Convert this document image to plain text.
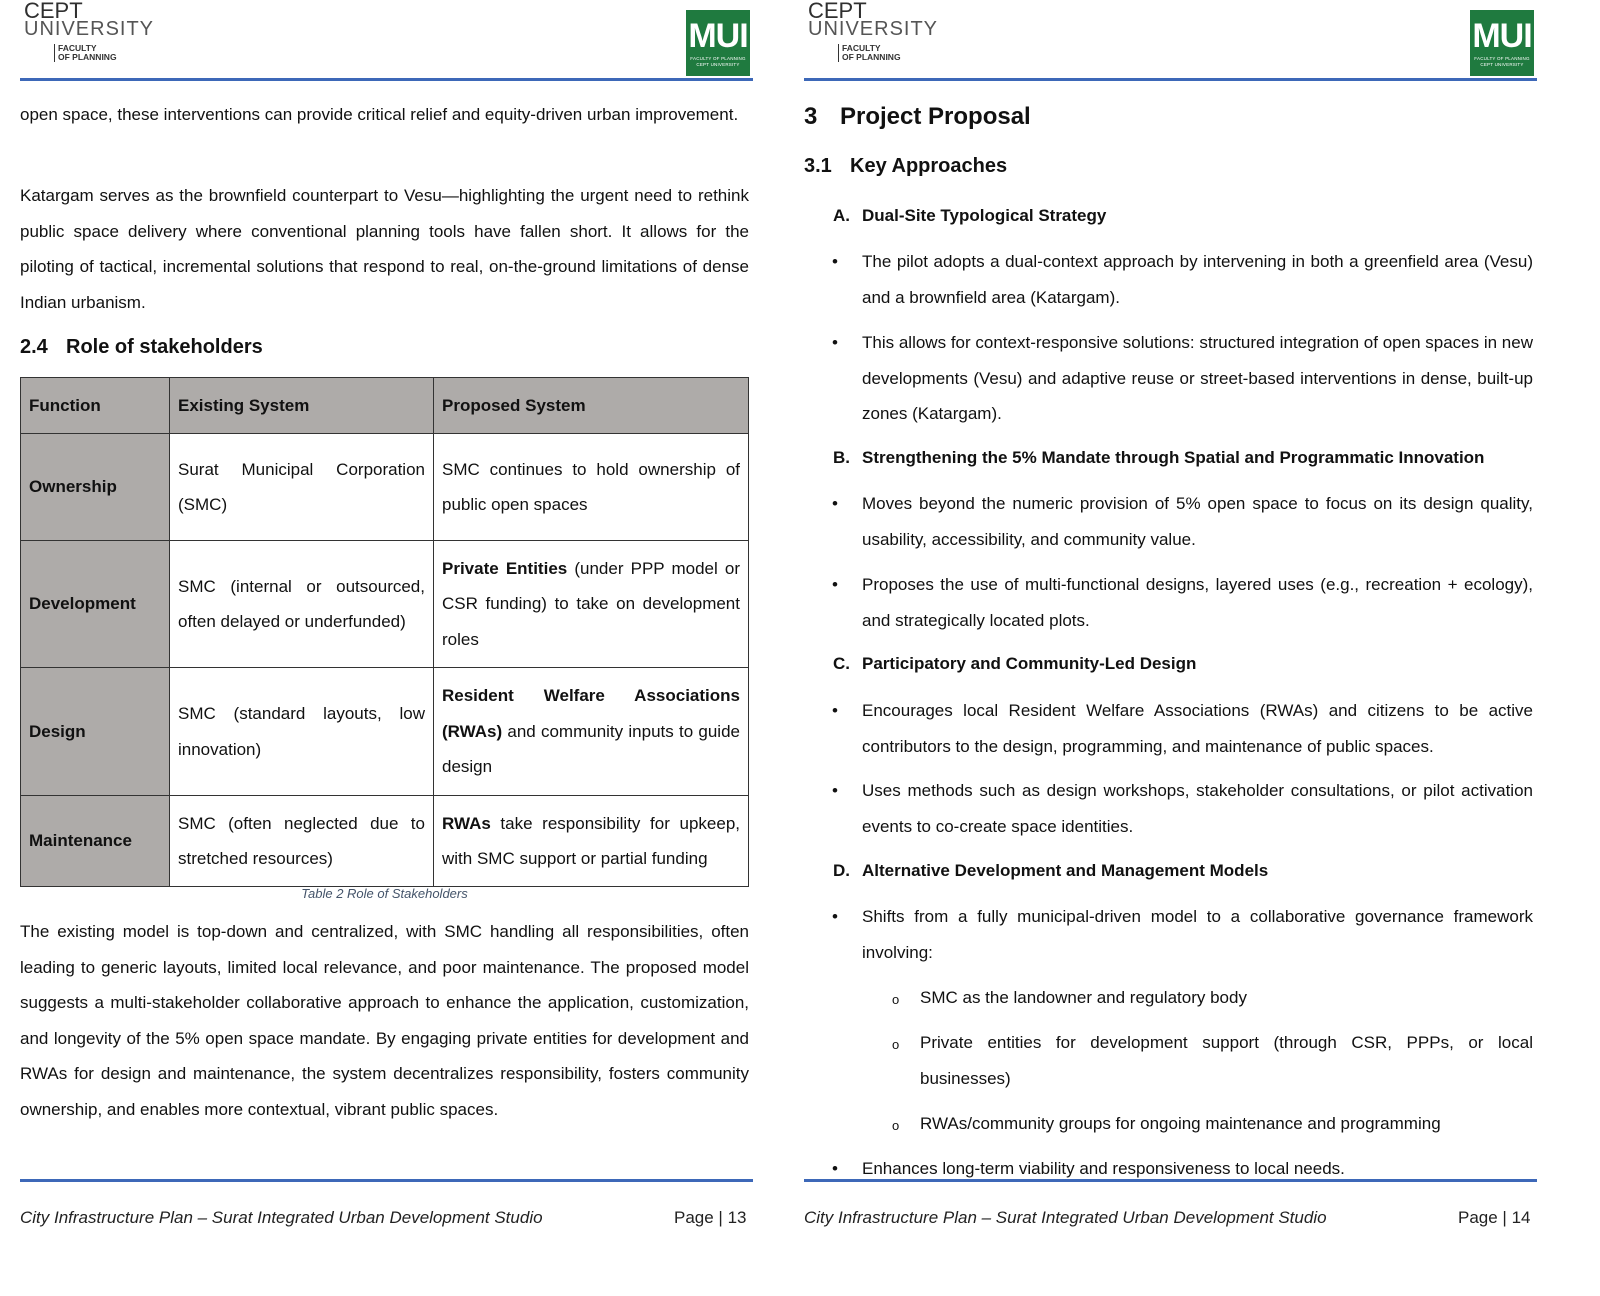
CEPT
UNIVERSITY
FACULTY
OF PLANNING
MUI
FACULTY OF PLANNING
CEPT UNIVERSITY
open space, these interventions can provide critical relief and equity-driven urban improvement.
Katargam serves as the brownfield counterpart to Vesu—highlighting the urgent need to rethink public space delivery where conventional planning tools have fallen short. It allows for the piloting of tactical, incremental solutions that respond to real, on-the-ground limitations of dense Indian urbanism.
2.4 Role of stakeholders
Function	Existing System	Proposed System
Ownership	Surat Municipal Corporation (SMC)	SMC continues to hold ownership of public open spaces
Development	SMC (internal or outsourced, often delayed or underfunded)	Private Entities (under PPP model or CSR funding) to take on development roles
Design	SMC (standard layouts, low innovation)	Resident Welfare Associations (RWAs) and community inputs to guide design
Maintenance	SMC (often neglected due to stretched resources)	RWAs take responsibility for upkeep, with SMC support or partial funding
Table 2 Role of Stakeholders
The existing model is top-down and centralized, with SMC handling all responsibilities, often leading to generic layouts, limited local relevance, and poor maintenance. The proposed model suggests a multi-stakeholder collaborative approach to enhance the application, customization, and longevity of the 5% open space mandate. By engaging private entities for development and RWAs for design and maintenance, the system decentralizes responsibility, fosters community ownership, and enables more contextual, vibrant public spaces.
City Infrastructure Plan – Surat Integrated Urban Development Studio	Page | 13
CEPT
UNIVERSITY
FACULTY
OF PLANNING
MUI
FACULTY OF PLANNING
CEPT UNIVERSITY
3 Project Proposal
3.1 Key Approaches
A. Dual-Site Typological Strategy
• The pilot adopts a dual-context approach by intervening in both a greenfield area (Vesu) and a brownfield area (Katargam).
• This allows for context-responsive solutions: structured integration of open spaces in new developments (Vesu) and adaptive reuse or street-based interventions in dense, built-up zones (Katargam).
B. Strengthening the 5% Mandate through Spatial and Programmatic Innovation
• Moves beyond the numeric provision of 5% open space to focus on its design quality, usability, accessibility, and community value.
• Proposes the use of multi-functional designs, layered uses (e.g., recreation + ecology), and strategically located plots.
C. Participatory and Community-Led Design
• Encourages local Resident Welfare Associations (RWAs) and citizens to be active contributors to the design, programming, and maintenance of public spaces.
• Uses methods such as design workshops, stakeholder consultations, or pilot activation events to co-create space identities.
D. Alternative Development and Management Models
• Shifts from a fully municipal-driven model to a collaborative governance framework involving:
o SMC as the landowner and regulatory body
o Private entities for development support (through CSR, PPPs, or local businesses)
o RWAs/community groups for ongoing maintenance and programming
• Enhances long-term viability and responsiveness to local needs.
City Infrastructure Plan – Surat Integrated Urban Development Studio	Page | 14
